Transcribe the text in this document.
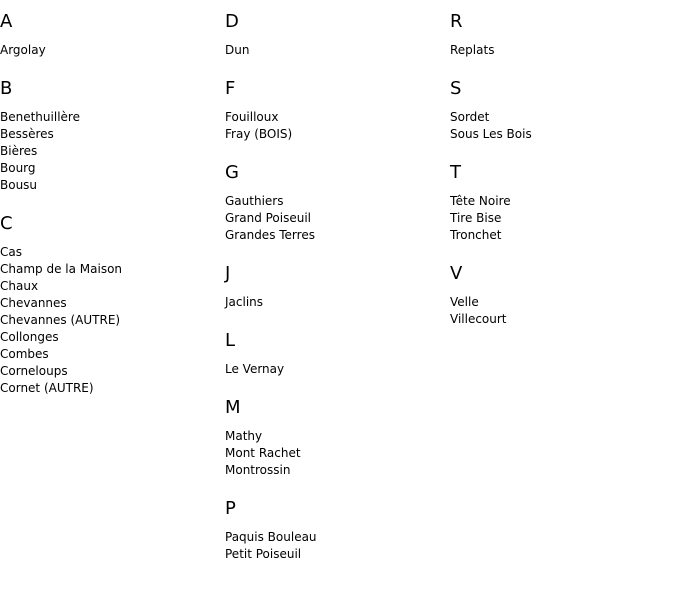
A
Argolay
B
Benethuillère
Bessères
Bières
Bourg
Bousu
C
Cas
Champ de la Maison
Chaux
Chevannes
Chevannes (AUTRE)
Collonges
Combes
Corneloups
Cornet (AUTRE)
D
Dun
F
Fouilloux
Fray (BOIS)
G
Gauthiers
Grand Poiseuil
Grandes Terres
J
Jaclins
L
Le Vernay
M
Mathy
Mont Rachet
Montrossin
P
Paquis Bouleau
Petit Poiseuil
R
Replats
S
Sordet
Sous Les Bois
T
Tête Noire
Tire Bise
Tronchet
V
Velle
Villecourt
